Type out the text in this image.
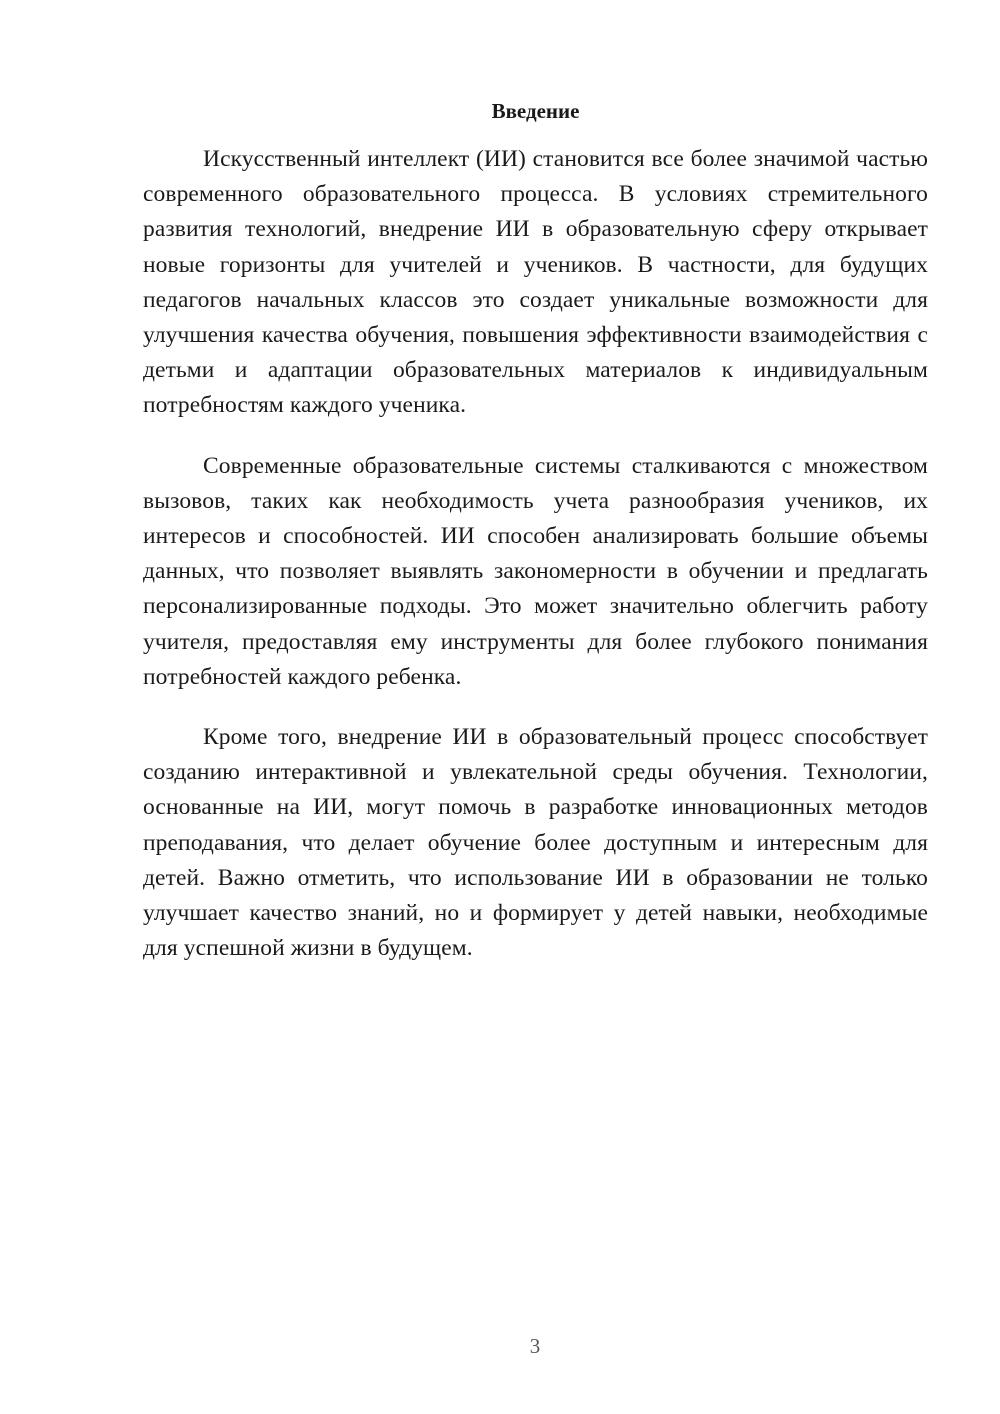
Введение

Искусственный интеллект (ИИ) становится все более значимой частью современного образовательного процесса. В условиях стремительного развития технологий, внедрение ИИ в образовательную сферу открывает новые горизонты для учителей и учеников. В частности, для будущих педагогов начальных классов это создает уникальные возможности для улучшения качества обучения, повышения эффективности взаимодействия с детьми и адаптации образовательных материалов к индивидуальным потребностям каждого ученика.

Современные образовательные системы сталкиваются с множеством вызовов, таких как необходимость учета разнообразия учеников, их интересов и способностей. ИИ способен анализировать большие объемы данных, что позволяет выявлять закономерности в обучении и предлагать персонализированные подходы. Это может значительно облегчить работу учителя, предоставляя ему инструменты для более глубокого понимания потребностей каждого ребенка.

Кроме того, внедрение ИИ в образовательный процесс способствует созданию интерактивной и увлекательной среды обучения. Технологии, основанные на ИИ, могут помочь в разработке инновационных методов преподавания, что делает обучение более доступным и интересным для детей. Важно отметить, что использование ИИ в образовании не только улучшает качество знаний, но и формирует у детей навыки, необходимые для успешной жизни в будущем.

3
